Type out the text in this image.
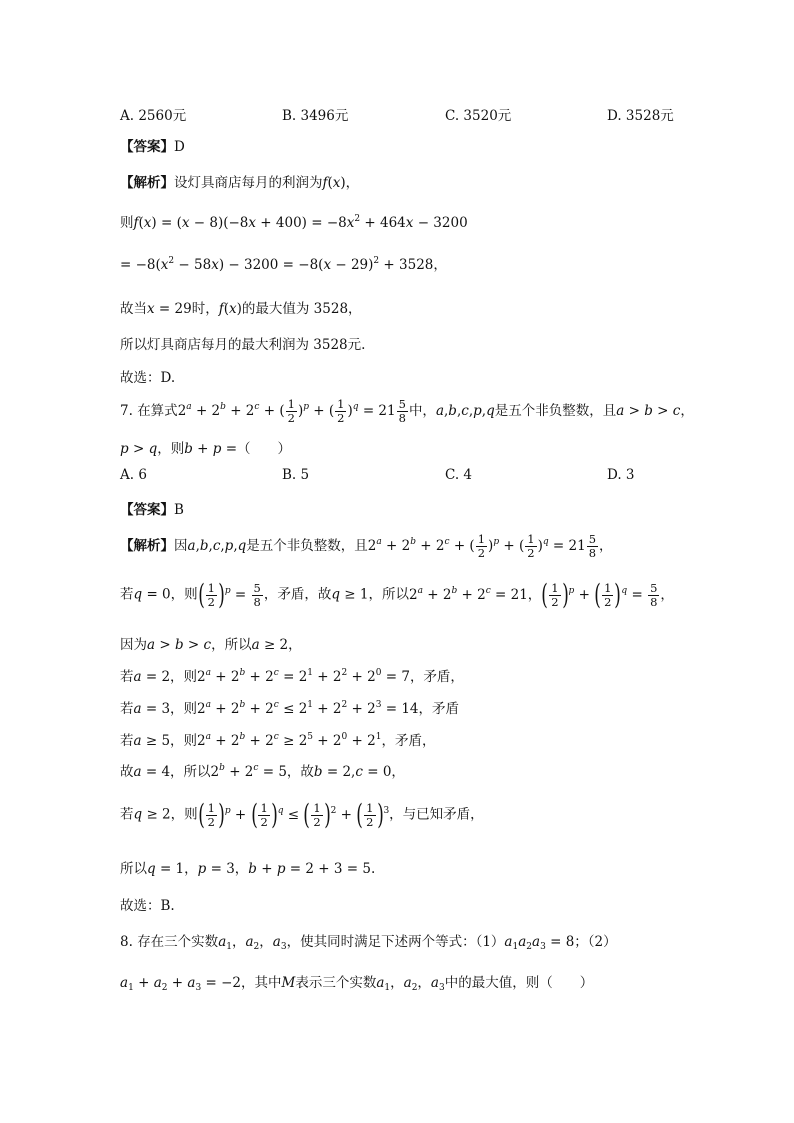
A. 2560元	B. 3496元	C. 3520元	D. 3528元
【答案】D
【解析】设灯具商店每月的利润为f(x)，
则$f(x) = (x - 8)(-8x + 400) = -8x^2 + 464x - 3200$
= $-8(x^2 - 58x) - 3200 = -8(x - 29)^2 + 3528$，
故当x = 29时，f(x)的最大值为 3528，
所以灯具商店每月的最大利润为 3528元.
故选：D.
7. 在算式$2^a + 2^b + 2^c$ + ( $\frac{1}{2} )^p$ + ( $\frac{1}{2} )^q = 21 \frac{5}{8}$ 中，a,b,c,p,q是五个非负整数，且a > b > c，
p > q，则b + p =（　　）
A. 6	B. 5	C. 4	D. 3
【答案】B
【解析】因a,b,c,p,q是五个非负整数，且$2^a + 2^b + 2^c$ + ( $\frac{1}{2} )^p$ + ( $\frac{1}{2} )^q = 21 \frac{5}{8}$ ，
若q = 0，则( $\frac{1}{2} )^p = \frac{5}{8}$ ，矛盾，故q ≥ 1，所以$2^a + 2^b + 2^c = 21$，( $\frac{1}{2} )^p$ + ( $\frac{1}{2} )^q = \frac{5}{8}$ ，
因为a > b > c，所以a ≥ 2，
若a = 2，则$2^a + 2^b + 2^c = 2^1 + 2^2 + 2^0 = 7$，矛盾，
若a = 3，则$2^a + 2^b + 2^c \le 2^1 + 2^2 + 2^3 = 14$，矛盾
若a ≥ 5，则$2^a + 2^b + 2^c \ge 2^5 + 2^0 + 2^1$，矛盾，
故a = 4，所以$2^b + 2^c = 5$，故b = 2,c = 0，
若q ≥ 2，则( $\frac{1}{2} )^p$ + ( $\frac{1}{2} )^q$ ≤ ( $\frac{1}{2} )^2$ + ( $\frac{1}{2} )^3$，与已知矛盾，
所以q = 1，p = 3，b + p = 2 + 3 = 5.
故选：B.
8. 存在三个实数$a_1$，$a_2$，$a_3$，使其同时满足下述两个等式：$(1)a_1a_2a_3 = 8$；（2）
$a_1 + a_2 + a_3 = -2$，其中M表示三个实数$a_1$，$a_2$，$a_3$中的最大值，则（　　）
